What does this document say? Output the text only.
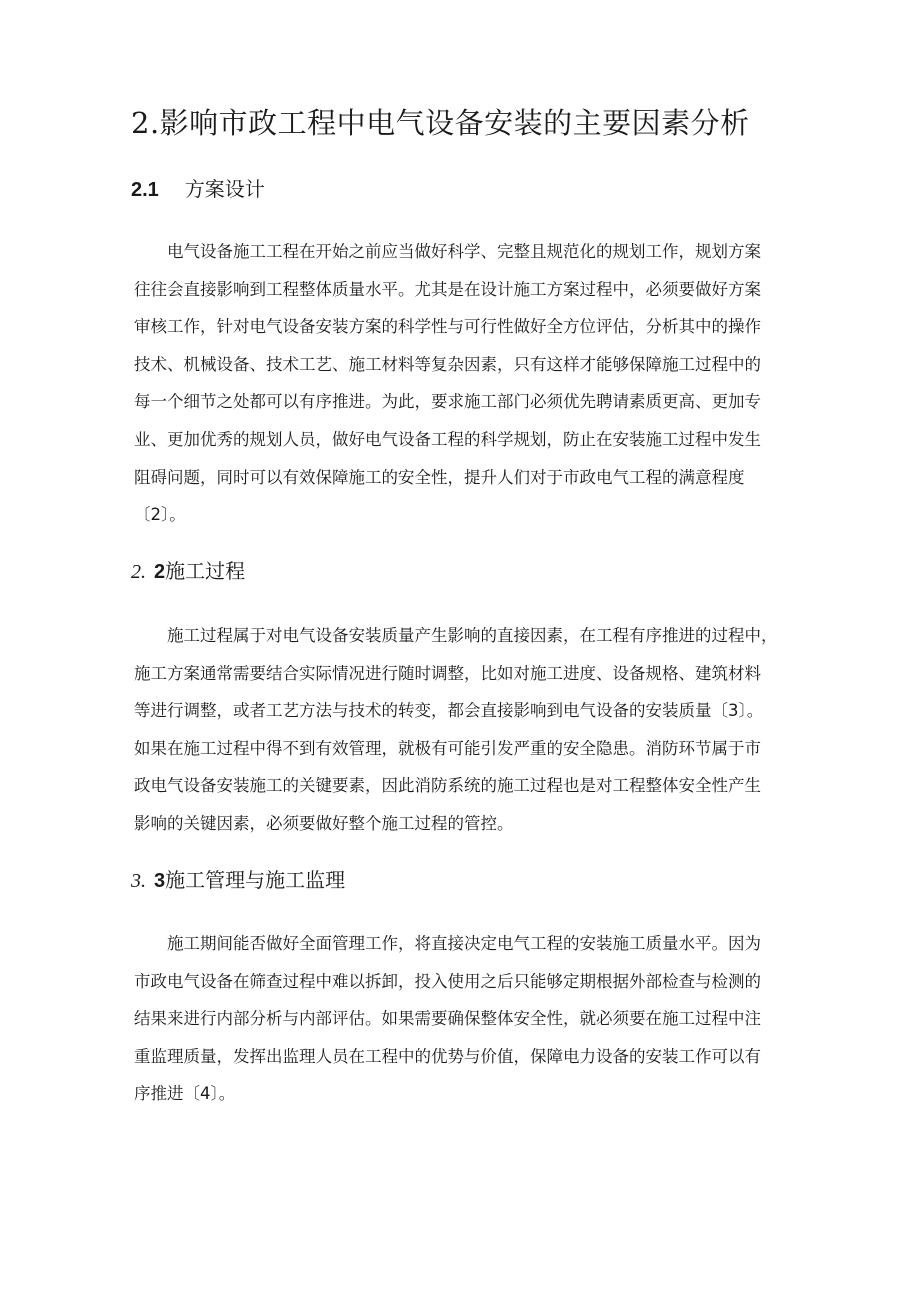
2.影响市政工程中电气设备安装的主要因素分析
2.1 方案设计
电气设备施工工程在开始之前应当做好科学、完整且规范化的规划工作，规划方案
往往会直接影响到工程整体质量水平。尤其是在设计施工方案过程中，必须要做好方案
审核工作，针对电气设备安装方案的科学性与可行性做好全方位评估，分析其中的操作
技术、机械设备、技术工艺、施工材料等复杂因素，只有这样才能够保障施工过程中的
每一个细节之处都可以有序推进。为此，要求施工部门必须优先聘请素质更高、更加专
业、更加优秀的规划人员，做好电气设备工程的科学规划，防止在安装施工过程中发生
阻碍问题，同时可以有效保障施工的安全性，提升人们对于市政电气工程的满意程度
〔2〕。
2. 2施工过程
施工过程属于对电气设备安装质量产生影响的直接因素，在工程有序推进的过程中，
施工方案通常需要结合实际情况进行随时调整，比如对施工进度、设备规格、建筑材料
等进行调整，或者工艺方法与技术的转变，都会直接影响到电气设备的安装质量〔3〕。
如果在施工过程中得不到有效管理，就极有可能引发严重的安全隐患。消防环节属于市
政电气设备安装施工的关键要素，因此消防系统的施工过程也是对工程整体安全性产生
影响的关键因素，必须要做好整个施工过程的管控。
3. 3施工管理与施工监理
施工期间能否做好全面管理工作，将直接决定电气工程的安装施工质量水平。因为
市政电气设备在筛查过程中难以拆卸，投入使用之后只能够定期根据外部检查与检测的
结果来进行内部分析与内部评估。如果需要确保整体安全性，就必须要在施工过程中注
重监理质量，发挥出监理人员在工程中的优势与价值，保障电力设备的安装工作可以有
序推进〔4〕。
